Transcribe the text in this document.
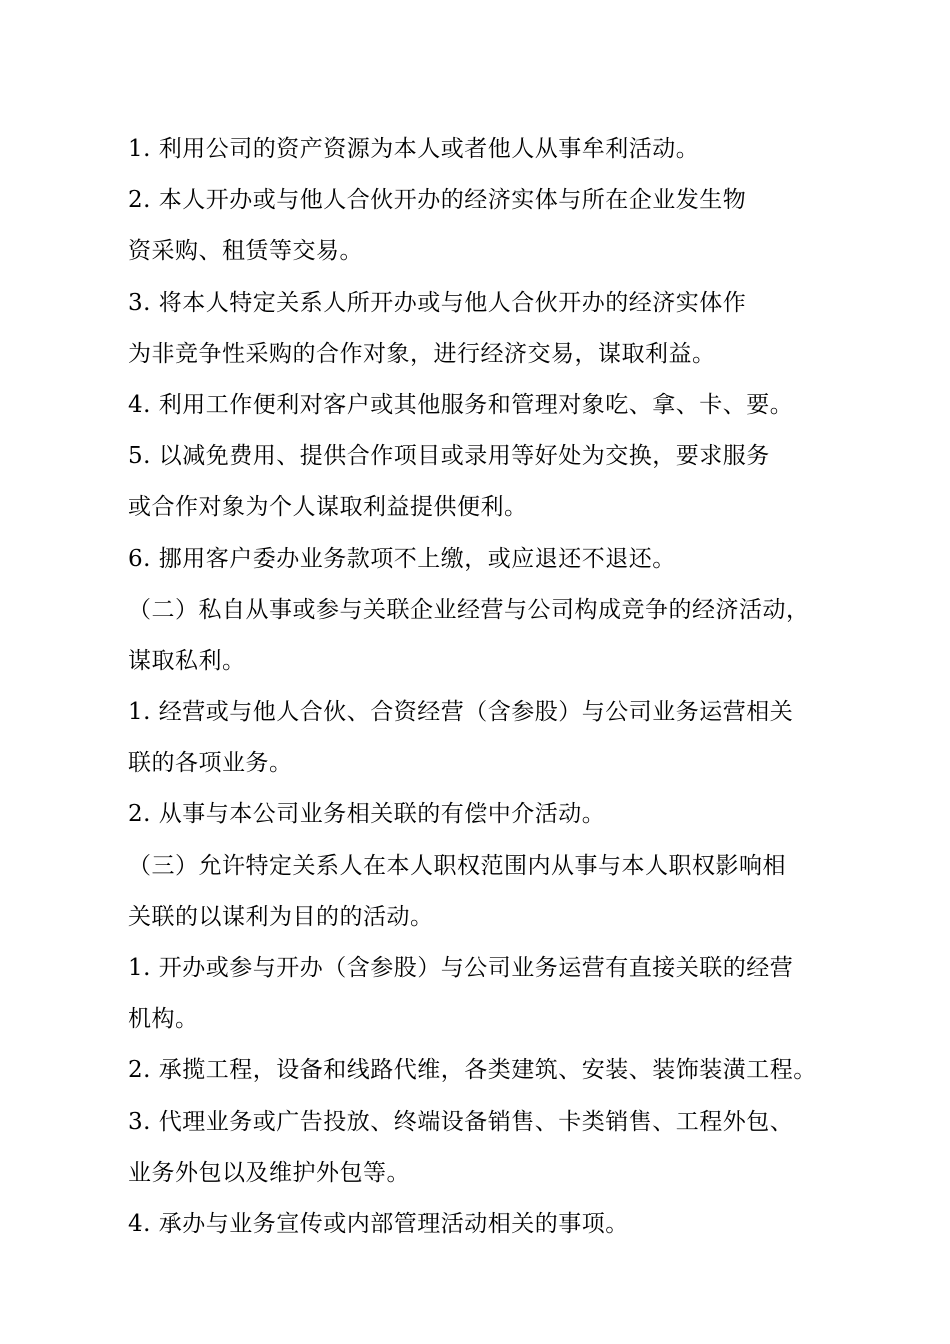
1. 利用公司的资产资源为本人或者他人从事牟利活动。
2. 本人开办或与他人合伙开办的经济实体与所在企业发生物
资采购、租赁等交易。
3. 将本人特定关系人所开办或与他人合伙开办的经济实体作
为非竞争性采购的合作对象，进行经济交易，谋取利益。
4. 利用工作便利对客户或其他服务和管理对象吃、拿、卡、要。
5. 以减免费用、提供合作项目或录用等好处为交换，要求服务
或合作对象为个人谋取利益提供便利。
6. 挪用客户委办业务款项不上缴，或应退还不退还。
（二）私自从事或参与关联企业经营与公司构成竞争的经济活动，
谋取私利。
1. 经营或与他人合伙、合资经营（含参股）与公司业务运营相关
联的各项业务。
2. 从事与本公司业务相关联的有偿中介活动。
（三）允许特定关系人在本人职权范围内从事与本人职权影响相
关联的以谋利为目的的活动。
1. 开办或参与开办（含参股）与公司业务运营有直接关联的经营
机构。
2. 承揽工程，设备和线路代维，各类建筑、安装、装饰装潢工程。
3. 代理业务或广告投放、终端设备销售、卡类销售、工程外包、
业务外包以及维护外包等。
4. 承办与业务宣传或内部管理活动相关的事项。
